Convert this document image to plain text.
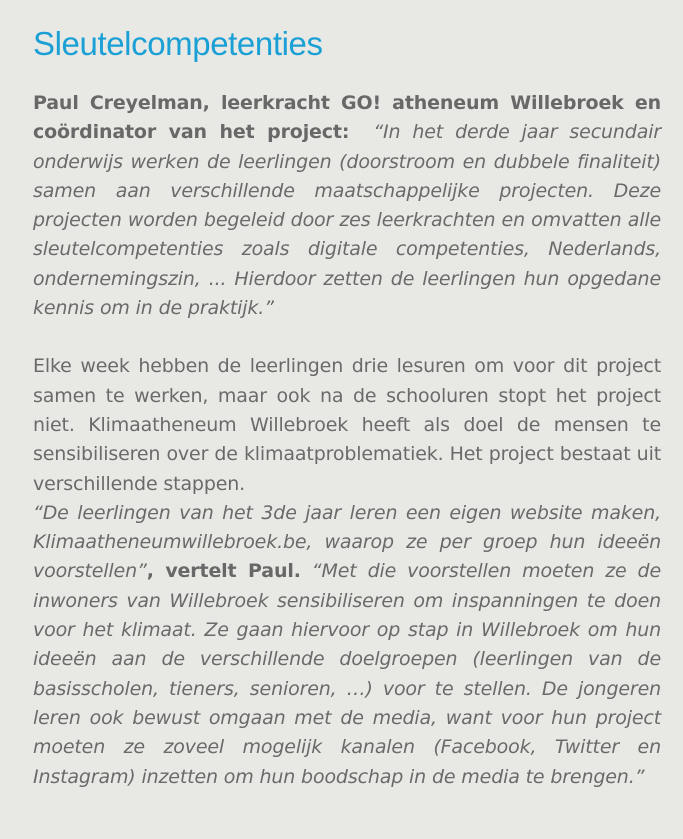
Sleutelcompetenties

Paul Creyelman, leerkracht GO! atheneum Willebroek en coördinator van het project: “In het derde jaar secundair onderwijs werken de leerlingen (doorstroom en dubbele finaliteit) samen aan verschillende maatschappelijke projecten. Deze projecten worden begeleid door zes leerkrachten en omvatten alle sleutelcompetenties zoals digitale competenties, Nederlands, ondernemingszin, ... Hierdoor zetten de leerlingen hun opgedane kennis om in de praktijk.”

Elke week hebben de leerlingen drie lesuren om voor dit project samen te werken, maar ook na de schooluren stopt het project niet. Klimaatheneum Willebroek heeft als doel de mensen te sensibiliseren over de klimaatproblematiek. Het project bestaat uit verschillende stappen.

“De leerlingen van het 3de jaar leren een eigen website maken, Klimaatheneumwillebroek.be, waarop ze per groep hun ideeën voorstellen”, vertelt Paul. “Met die voorstellen moeten ze de inwoners van Willebroek sensibiliseren om inspanningen te doen voor het klimaat. Ze gaan hiervoor op stap in Willebroek om hun ideeën aan de verschillende doelgroepen (leerlingen van de basisscholen, tieners, senioren, …) voor te stellen. De jongeren leren ook bewust omgaan met de media, want voor hun project moeten ze zoveel mogelijk kanalen (Facebook, Twitter en Instagram) inzetten om hun boodschap in de media te brengen.”
